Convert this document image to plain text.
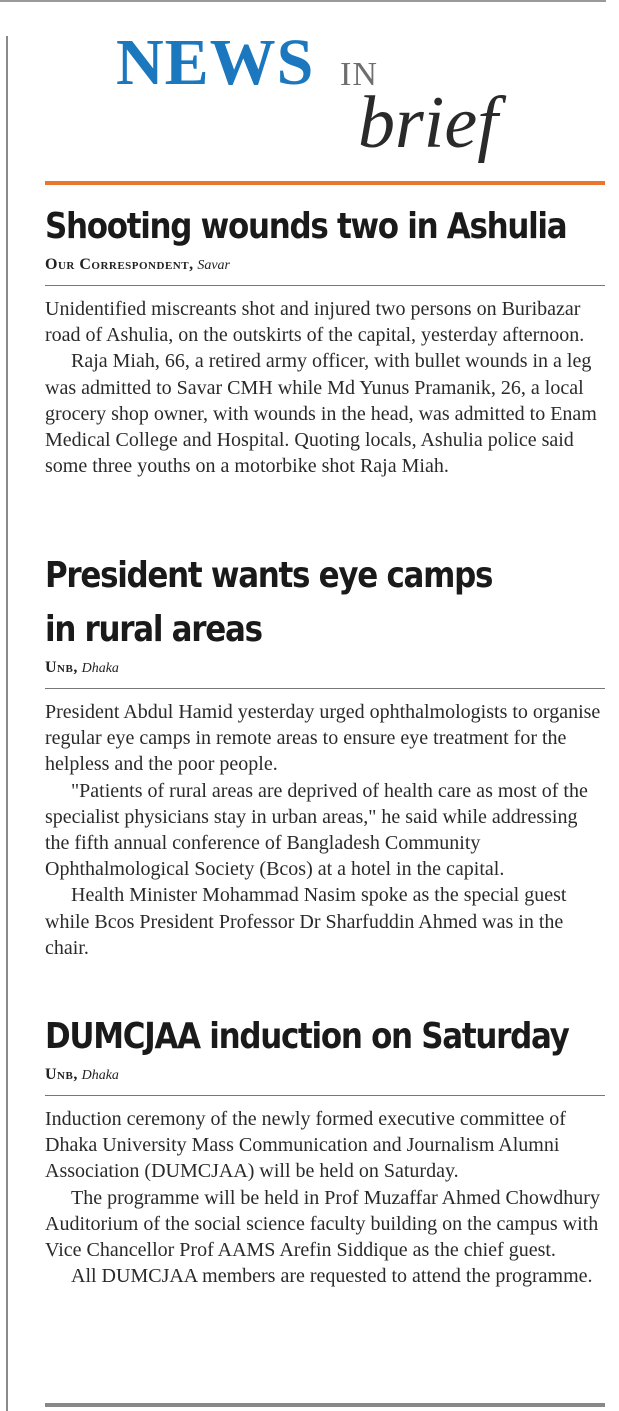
NEWS IN
brief
Shooting wounds two in Ashulia
Our Correspondent, Savar

Unidentified miscreants shot and injured two persons on Buribazar road of Ashulia, on the outskirts of the capital, yesterday afternoon.

Raja Miah, 66, a retired army officer, with bullet wounds in a leg was admitted to Savar CMH while Md Yunus Pramanik, 26, a local grocery shop owner, with wounds in the head, was admitted to Enam Medical College and Hospital. Quoting locals, Ashulia police said some three youths on a motorbike shot Raja Miah.

President wants eye camps
in rural areas
Unb, Dhaka

President Abdul Hamid yesterday urged ophthalmologists to organise regular eye camps in remote areas to ensure eye treatment for the helpless and the poor people.

"Patients of rural areas are deprived of health care as most of the specialist physicians stay in urban areas," he said while addressing the fifth annual conference of Bangladesh Community Ophthalmological Society (Bcos) at a hotel in the capital.

Health Minister Mohammad Nasim spoke as the special guest while Bcos President Professor Dr Sharfuddin Ahmed was in the chair.

DUMCJAA induction on Saturday
Unb, Dhaka

Induction ceremony of the newly formed executive committee of Dhaka University Mass Communication and Journalism Alumni Association (DUMCJAA) will be held on Saturday.

The programme will be held in Prof Muzaffar Ahmed Chowdhury Auditorium of the social science faculty building on the campus with Vice Chancellor Prof AAMS Arefin Siddique as the chief guest.

All DUMCJAA members are requested to attend the programme.
